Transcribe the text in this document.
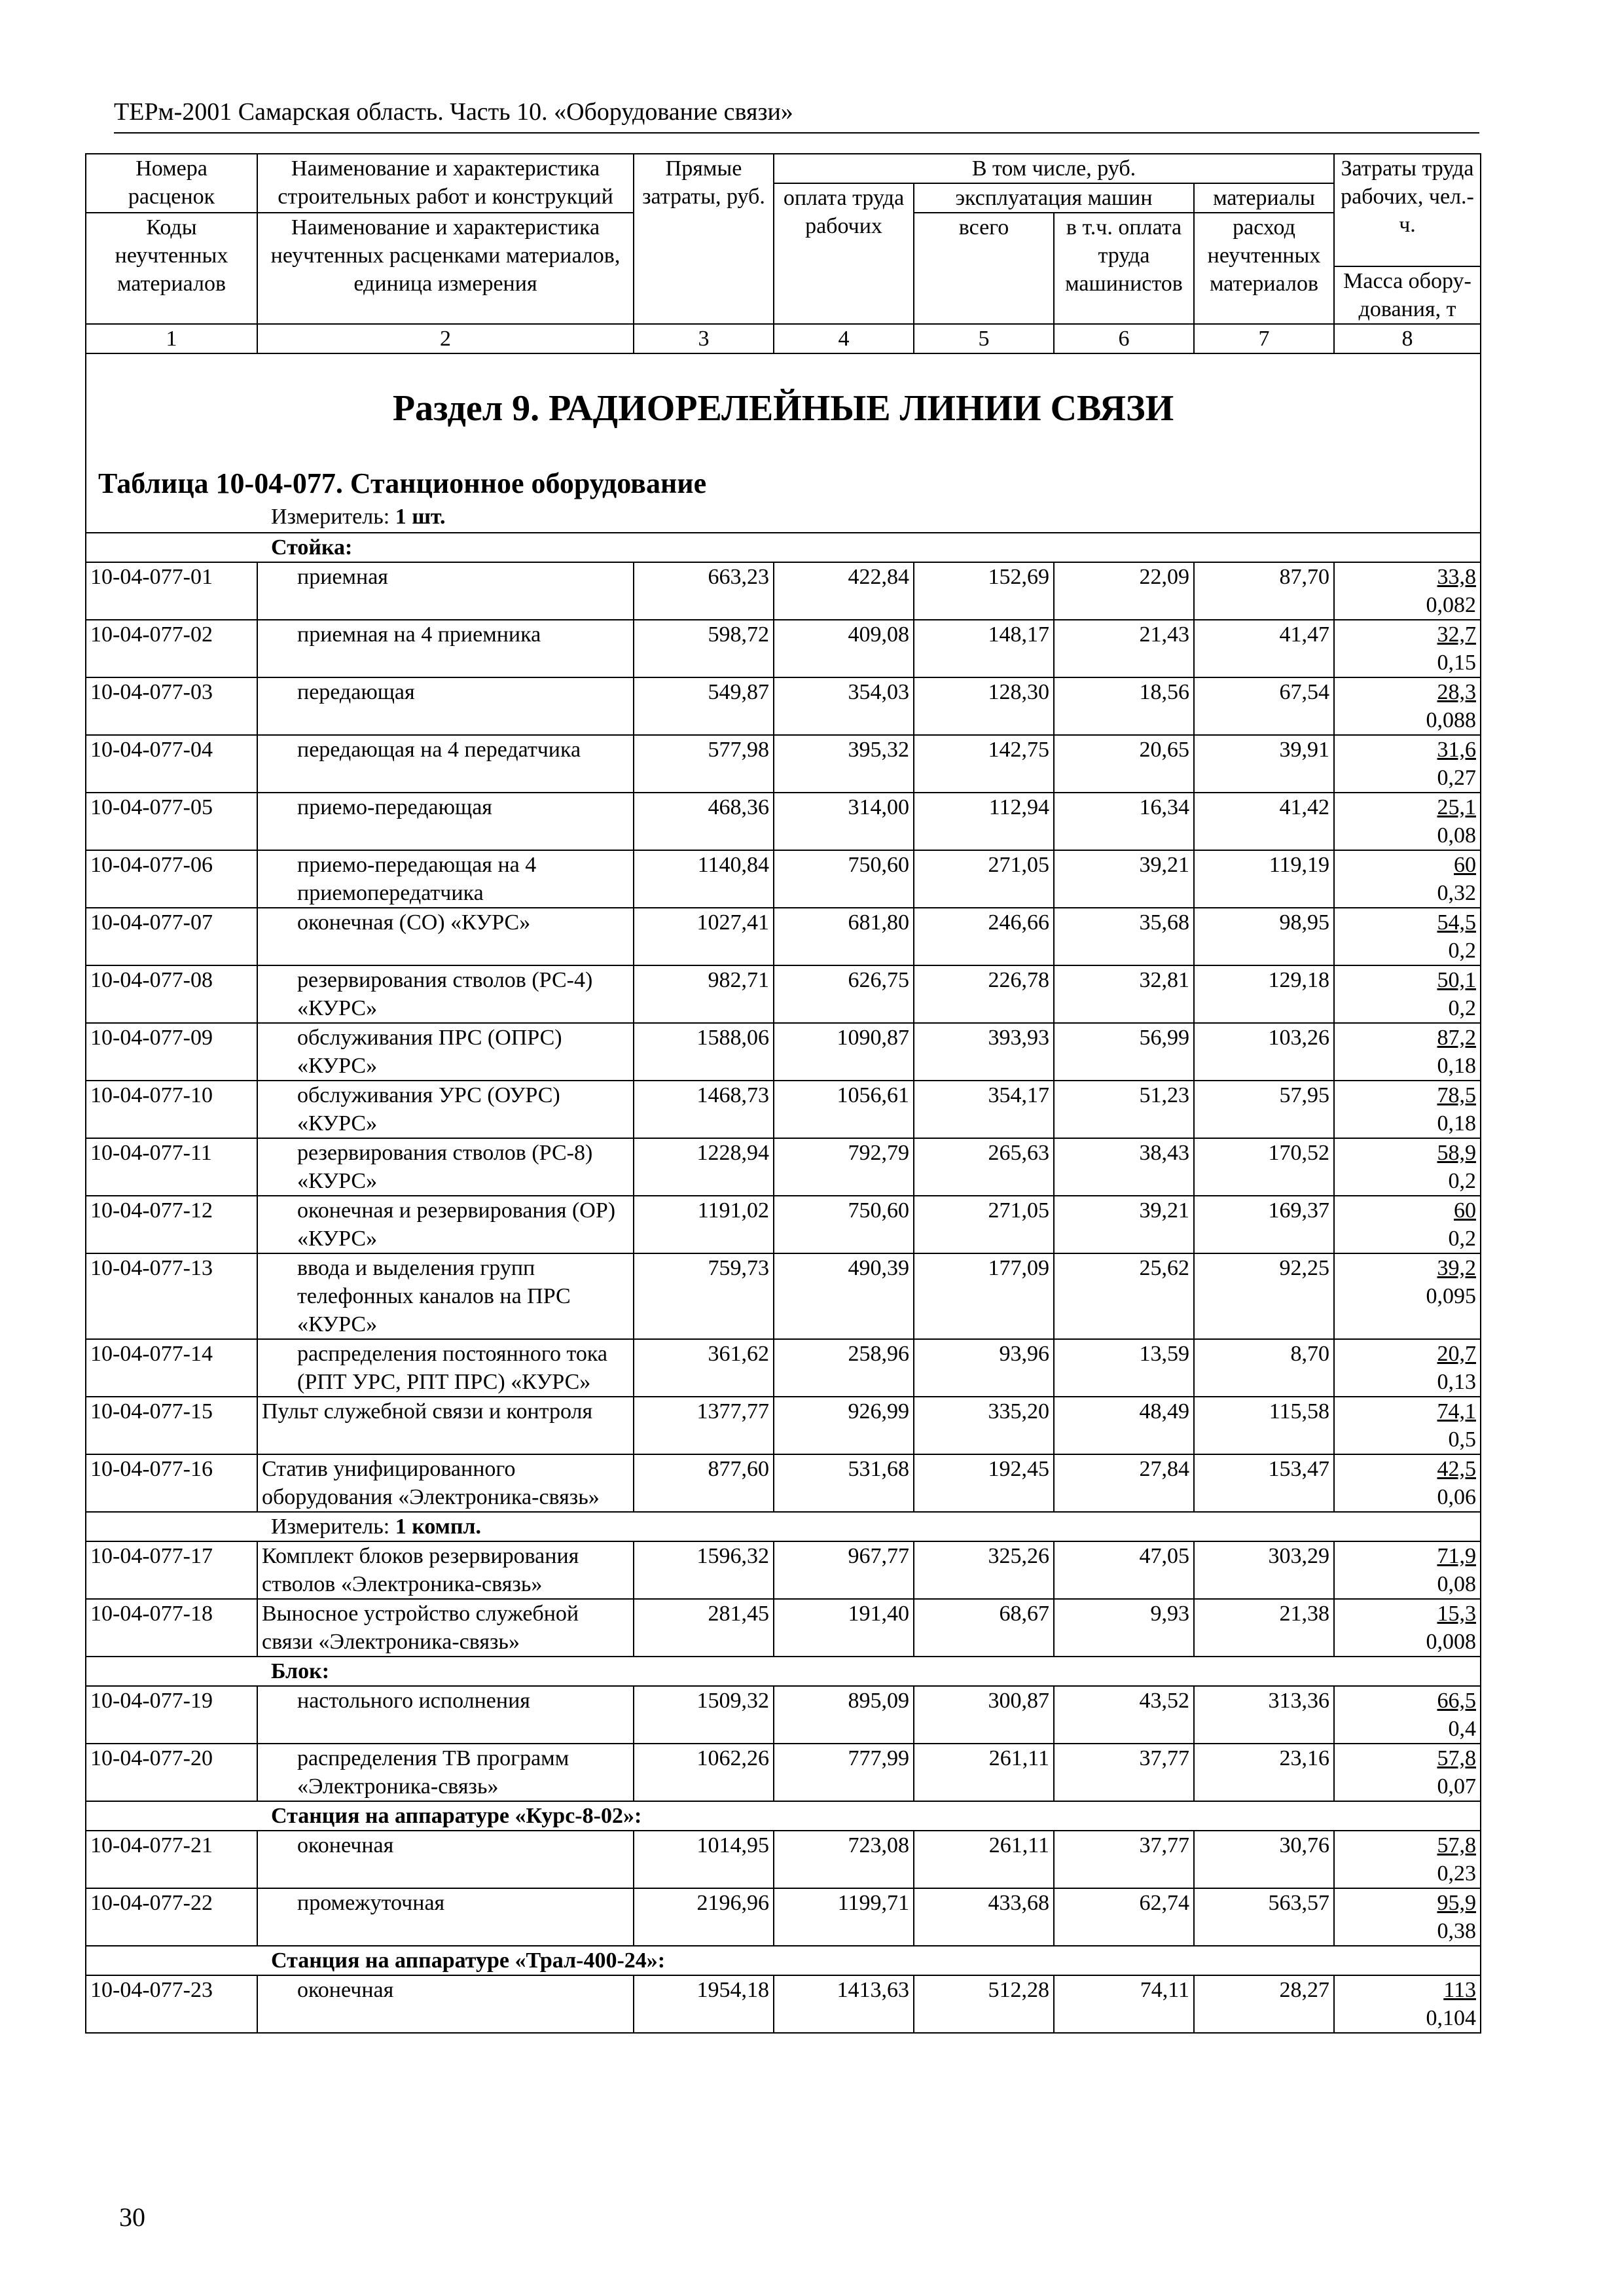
ТЕРм-2001 Самарская область. Часть 10. «Оборудование связи»
Номера расценок	Наименование и характеристика строительных работ и конструкций	Прямые затраты, руб.	В том числе, руб.				Затраты труда рабочих, чел.-ч.
			оплата труда рабочих	эксплуатация машин		материалы	
Коды неучтенных материалов	Наименование и характеристика неучтенных расценками материалов, единица измерения			всего	в т.ч. оплата труда машинистов	расход неучтенных материалов	
							Масса обору-дования, т
1	2	3	4	5	6	7	8

Раздел 9. РАДИОРЕЛЕЙНЫЕ ЛИНИИ СВЯЗИ
Таблица 10-04-077. Станционное оборудование
Измеритель: 1 шт.							

Стойка:							
10-04-077-01	приемная	663,23	422,84	152,69	22,09	87,70	33,8
0,082

10-04-077-02	приемная на 4 приемника	598,72	409,08	148,17	21,43	41,47	32,7
0,15

10-04-077-03	передающая	549,87	354,03	128,30	18,56	67,54	28,3
0,088

10-04-077-04	передающая на 4 передатчика	577,98	395,32	142,75	20,65	39,91	31,6
0,27

10-04-077-05	приемо-передающая	468,36	314,00	112,94	16,34	41,42	25,1
0,08

10-04-077-06	приемо-передающая на 4 приемопередатчика	1140,84	750,60	271,05	39,21	119,19	60
0,32

10-04-077-07	оконечная (СО) «КУРС»	1027,41	681,80	246,66	35,68	98,95	54,5
0,2

10-04-077-08	резервирования стволов (РС-4) «КУРС»	982,71	626,75	226,78	32,81	129,18	50,1
0,2

10-04-077-09	обслуживания ПРС (ОПРС) «КУРС»	1588,06	1090,87	393,93	56,99	103,26	87,2
0,18

10-04-077-10	обслуживания УРС (ОУРС) «КУРС»	1468,73	1056,61	354,17	51,23	57,95	78,5
0,18

10-04-077-11	резервирования стволов (РС-8) «КУРС»	1228,94	792,79	265,63	38,43	170,52	58,9
0,2

10-04-077-12	оконечная и резервирования (ОР) «КУРС»	1191,02	750,60	271,05	39,21	169,37	60
0,2

10-04-077-13	ввода и выделения групп телефонных каналов на ПРС «КУРС»	759,73	490,39	177,09	25,62	92,25	39,2
0,095

10-04-077-14	распределения постоянного тока (РПТ УРС, РПТ ПРС) «КУРС»	361,62	258,96	93,96	13,59	8,70	20,7
0,13

10-04-077-15	Пульт служебной связи и контроля	1377,77	926,99	335,20	48,49	115,58	74,1
0,5

10-04-077-16	Статив унифицированного оборудования «Электроника-связь»	877,60	531,68	192,45	27,84	153,47	42,5
0,06

Измеритель: 1 компл.							
10-04-077-17	Комплект блоков резервирования стволов «Электроника-связь»	1596,32	967,77	325,26	47,05	303,29	71,9
0,08

10-04-077-18	Выносное устройство служебной связи «Электроника-связь»	281,45	191,40	68,67	9,93	21,38	15,3
0,008

Блок:							
10-04-077-19	настольного исполнения	1509,32	895,09	300,87	43,52	313,36	66,5
0,4

10-04-077-20	распределения ТВ программ «Электроника-связь»	1062,26	777,99	261,11	37,77	23,16	57,8
0,07

Станция на аппаратуре «Курс-8-02»:							
10-04-077-21	оконечная	1014,95	723,08	261,11	37,77	30,76	57,8
0,23

10-04-077-22	промежуточная	2196,96	1199,71	433,68	62,74	563,57	95,9
0,38

Станция на аппаратуре «Трал-400-24»:							
10-04-077-23	оконечная	1954,18	1413,63	512,28	74,11	28,27	113
0,104
30
